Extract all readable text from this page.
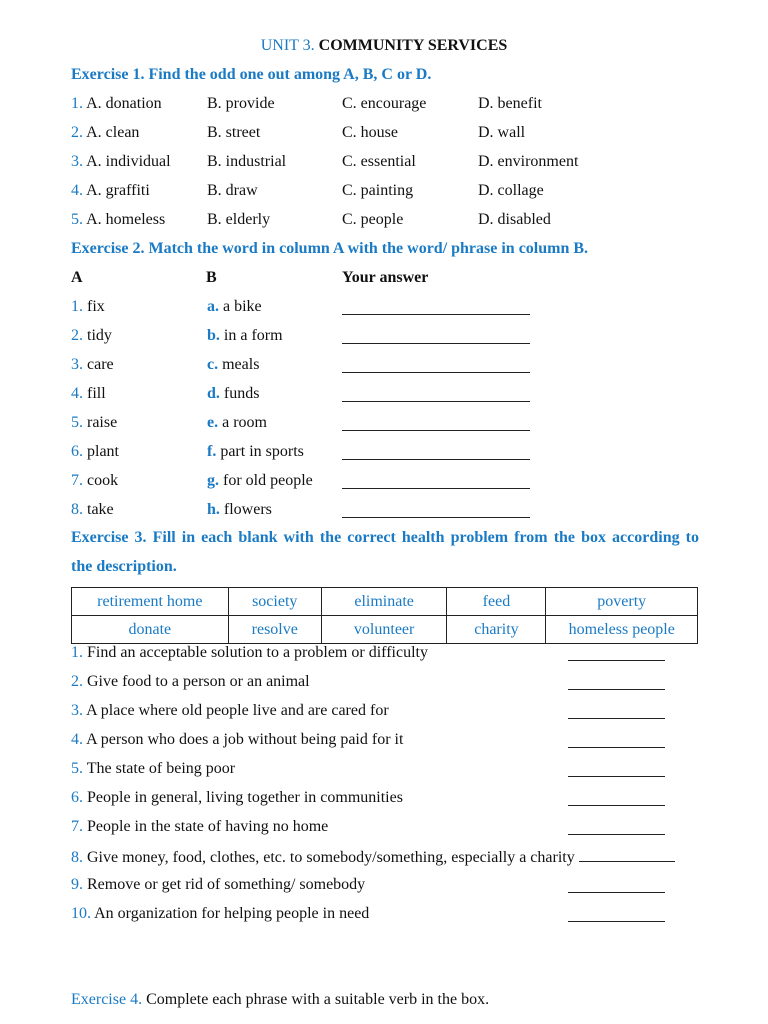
UNIT 3. COMMUNITY SERVICES
Exercise 1. Find the odd one out among A, B, C or D.
1. A. donation	B. provide	C. encourage	D. benefit
2. A. clean	B. street	C. house	D. wall
3. A. individual B. industrial	C. essential	D. environment
4. A. graffiti	B. draw	C. painting	D. collage
5. A. homeless	B. elderly	C. people	D. disabled
Exercise 2. Match the word in column A with the word/ phrase in column B.
A	B	Your answer
1. fix	a. a bike
2. tidy	b. in a form
3. care	c. meals
4. fill	d. funds
5. raise	e. a room
6. plant	f. part in sports
7. cook	g. for old people
8. take	h. flowers
Exercise 3. Fill in each blank with the correct health problem from the box according to
the description.
retirement home	society	eliminate	feed	poverty
donate	resolve	volunteer	charity	homeless people
1. Find an acceptable solution to a problem or difficulty
2. Give food to a person or an animal
3. A place where old people live and are cared for
4. A person who does a job without being paid for it
5. The state of being poor
6. People in general, living together in communities
7. People in the state of having no home
8. Give money, food, clothes, etc. to somebody/something, especially a charity
9. Remove or get rid of something/ somebody
10. An organization for helping people in need
Exercise 4. Complete each phrase with a suitable verb in the box.
